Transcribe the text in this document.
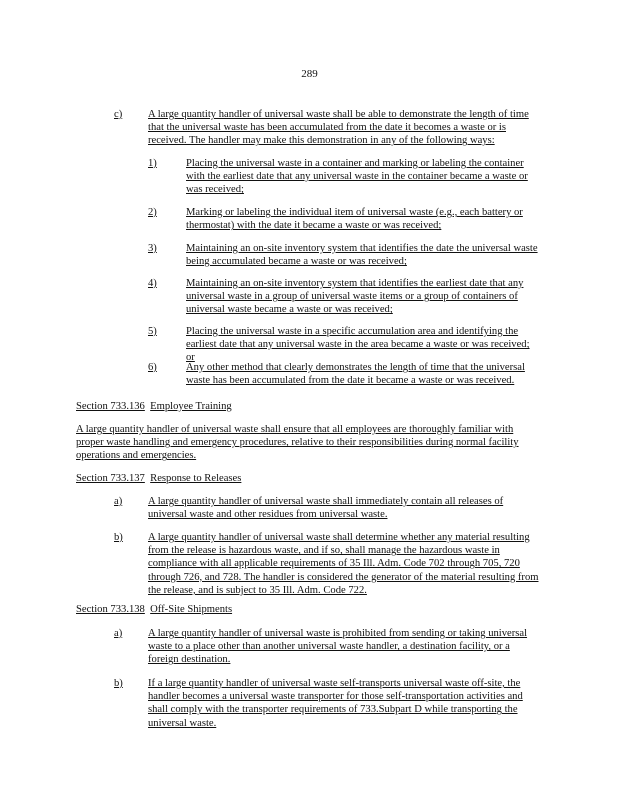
289
c) A large quantity handler of universal waste shall be able to demonstrate the length of time that the universal waste has been accumulated from the date it becomes a waste or is received. The handler may make this demonstration in any of the following ways:

1)	Placing the universal waste in a container and marking or labeling the container with the earliest date that any universal waste in the container became a waste or was received;

2)	Marking or labeling the individual item of universal waste (e.g., each battery or thermostat) with the date it became a waste or was received;

3)	Maintaining an on-site inventory system that identifies the date the universal waste being accumulated became a waste or was received;

4)	Maintaining an on-site inventory system that identifies the earliest date that any universal waste in a group of universal waste items or a group of containers of universal waste became a waste or was received;

5)	Placing the universal waste in a specific accumulation area and identifying the earliest date that any universal waste in the area became a waste or was received; or

6)	Any other method that clearly demonstrates the length of time that the universal waste has been accumulated from the date it became a waste or was received.

Section 733.136 Employee Training

A large quantity handler of universal waste shall ensure that all employees are thoroughly familiar with proper waste handling and emergency procedures, relative to their responsibilities during normal facility operations and emergencies.

Section 733.137 Response to Releases
a) A large quantity handler of universal waste shall immediately contain all releases of universal waste and other residues from universal waste.

b) A large quantity handler of universal waste shall determine whether any material resulting from the release is hazardous waste, and if so, shall manage the hazardous waste in compliance with all applicable requirements of 35 Ill. Adm. Code 702 through 705, 720 through 726, and 728. The handler is considered the generator of the material resulting from the release, and is subject to 35 Ill. Adm. Code 722.

Section 733.138 Off-Site Shipments
a) A large quantity handler of universal waste is prohibited from sending or taking universal waste to a place other than another universal waste handler, a destination facility, or a foreign destination.

b) If a large quantity handler of universal waste self-transports universal waste off-site, the handler becomes a universal waste transporter for those self-transportation activities and shall comply with the transporter requirements of 733.Subpart D while transporting the universal waste.
